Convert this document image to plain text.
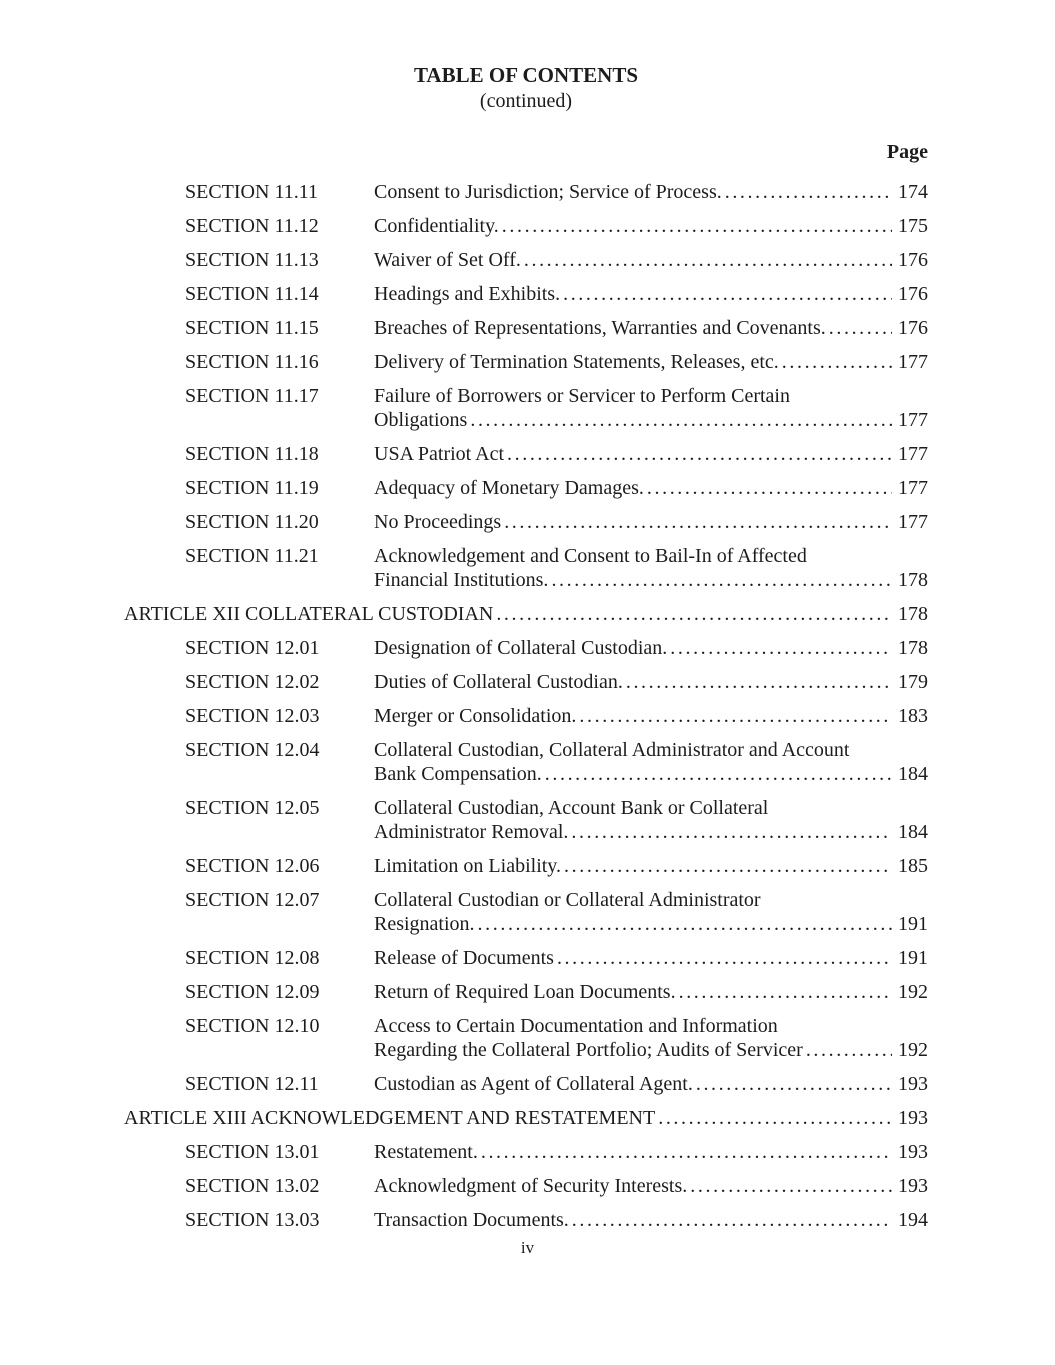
TABLE OF CONTENTS
(continued)
Page
SECTION 11.11	Consent to Jurisdiction; Service of Process. .....	174
SECTION 11.12	Confidentiality. .....	175
SECTION 11.13	Waiver of Set Off. .....	176
SECTION 11.14	Headings and Exhibits. .....	176
SECTION 11.15	Breaches of Representations, Warranties and Covenants. .....	176
SECTION 11.16	Delivery of Termination Statements, Releases, etc. .....	177
SECTION 11.17	Failure of Borrowers or Servicer to Perform Certain
Obligations .....	177
SECTION 11.18	USA Patriot Act .....	177
SECTION 11.19	Adequacy of Monetary Damages. .....	177
SECTION 11.20	No Proceedings .....	177
SECTION 11.21	Acknowledgement and Consent to Bail-In of Affected
Financial Institutions. .....	178
ARTICLE XII COLLATERAL CUSTODIAN .....	178
SECTION 12.01	Designation of Collateral Custodian. .....	178
SECTION 12.02	Duties of Collateral Custodian. .....	179
SECTION 12.03	Merger or Consolidation. .....	183
SECTION 12.04	Collateral Custodian, Collateral Administrator and Account
Bank Compensation. .....	184
SECTION 12.05	Collateral Custodian, Account Bank or Collateral
Administrator Removal. .....	184
SECTION 12.06	Limitation on Liability. .....	185
SECTION 12.07	Collateral Custodian or Collateral Administrator
Resignation. .....	191
SECTION 12.08	Release of Documents .....	191
SECTION 12.09	Return of Required Loan Documents. .....	192
SECTION 12.10	Access to Certain Documentation and Information
Regarding the Collateral Portfolio; Audits of Servicer .....	192
SECTION 12.11	Custodian as Agent of Collateral Agent. .....	193
ARTICLE XIII ACKNOWLEDGEMENT AND RESTATEMENT .....	193
SECTION 13.01	Restatement. .....	193
SECTION 13.02	Acknowledgment of Security Interests. .....	193
SECTION 13.03	Transaction Documents. .....	194
iv
